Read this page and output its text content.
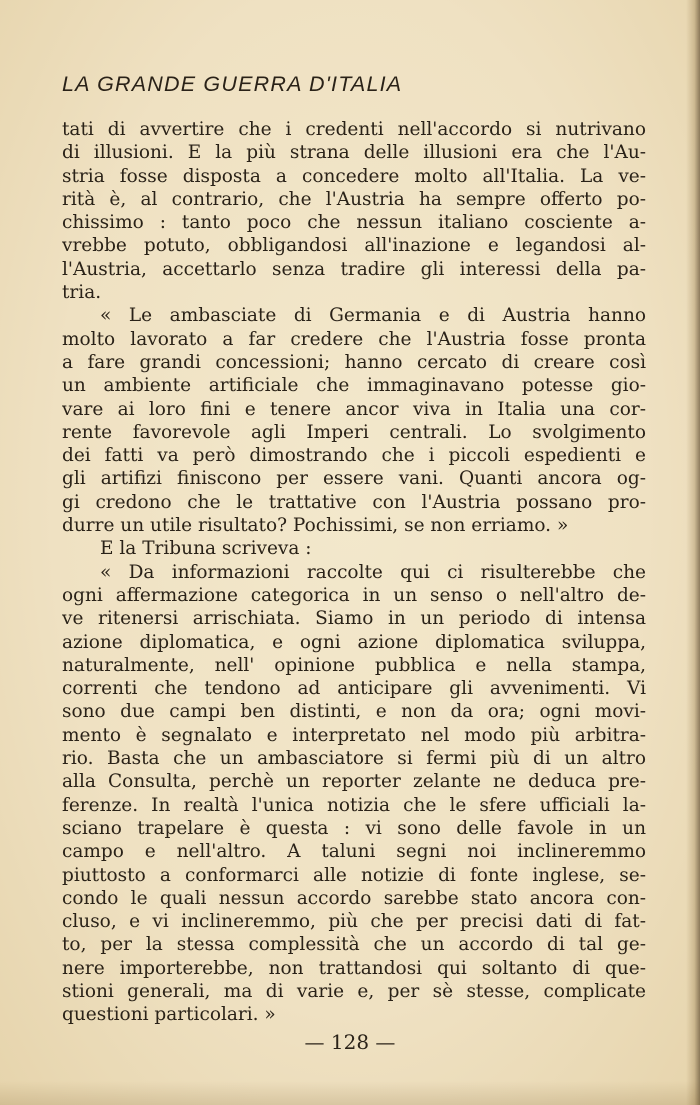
LA GRANDE GUERRA D'ITALIA
tati di avvertire che i credenti nell'accordo si nutrivano
di illusioni. E la più strana delle illusioni era che l'Au-
stria fosse disposta a concedere molto all'Italia. La ve-
rità è, al contrario, che l'Austria ha sempre offerto po-
chissimo : tanto poco che nessun italiano cosciente a-
vrebbe potuto, obbligandosi all'inazione e legandosi al-
l'Austria, accettarlo senza tradire gli interessi della pa-
tria.
« Le ambasciate di Germania e di Austria hanno
molto lavorato a far credere che l'Austria fosse pronta
a fare grandi concessioni; hanno cercato di creare così
un ambiente artificiale che immaginavano potesse gio-
vare ai loro fini e tenere ancor viva in Italia una cor-
rente favorevole agli Imperi centrali. Lo svolgimento
dei fatti va però dimostrando che i piccoli espedienti e
gli artifizi finiscono per essere vani. Quanti ancora og-
gi credono che le trattative con l'Austria possano pro-
durre un utile risultato? Pochissimi, se non erriamo. »
E la Tribuna scriveva :
« Da informazioni raccolte qui ci risulterebbe che
ogni affermazione categorica in un senso o nell'altro de-
ve ritenersi arrischiata. Siamo in un periodo di intensa
azione diplomatica, e ogni azione diplomatica sviluppa,
naturalmente, nell' opinione pubblica e nella stampa,
correnti che tendono ad anticipare gli avvenimenti. Vi
sono due campi ben distinti, e non da ora; ogni movi-
mento è segnalato e interpretato nel modo più arbitra-
rio. Basta che un ambasciatore si fermi più di un altro
alla Consulta, perchè un reporter zelante ne deduca pre-
ferenze. In realtà l'unica notizia che le sfere ufficiali la-
sciano trapelare è questa : vi sono delle favole in un
campo e nell'altro. A taluni segni noi inclineremmo
piuttosto a conformarci alle notizie di fonte inglese, se-
condo le quali nessun accordo sarebbe stato ancora con-
cluso, e vi inclineremmo, più che per precisi dati di fat-
to, per la stessa complessità che un accordo di tal ge-
nere importerebbe, non trattandosi qui soltanto di que-
stioni generali, ma di varie e, per sè stesse, complicate
questioni particolari. »
— 128 —
